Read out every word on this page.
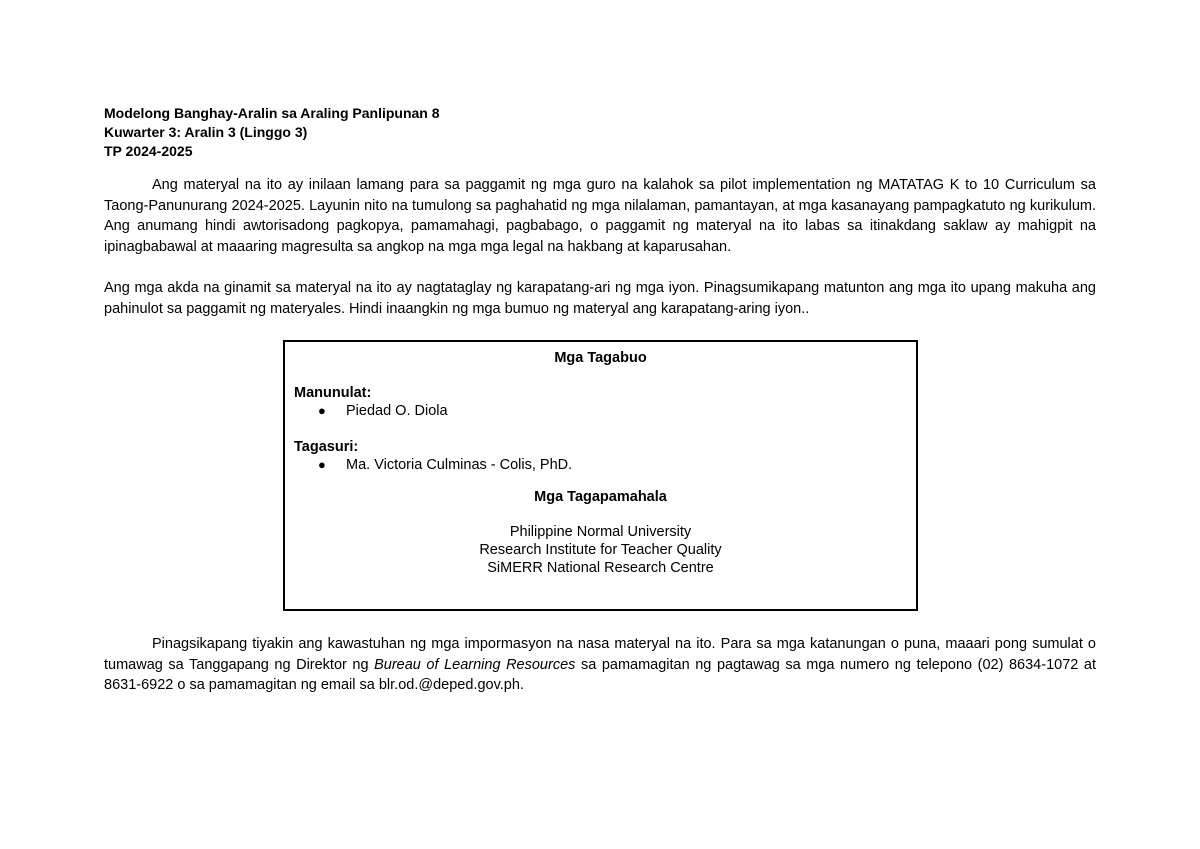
Modelong Banghay-Aralin sa Araling Panlipunan 8
Kuwarter 3: Aralin 3 (Linggo 3)
TP 2024-2025

Ang materyal na ito ay inilaan lamang para sa paggamit ng mga guro na kalahok sa pilot implementation ng MATATAG K to 10 Curriculum sa Taong-Panunurang 2024-2025. Layunin nito na tumulong sa paghahatid ng mga nilalaman, pamantayan, at mga kasanayang pampagkatuto ng kurikulum. Ang anumang hindi awtorisadong pagkopya, pamamahagi, pagbabago, o paggamit ng materyal na ito labas sa itinakdang saklaw ay mahigpit na ipinagbabawal at maaaring magresulta sa angkop na mga mga legal na hakbang at kaparusahan.

Ang mga akda na ginamit sa materyal na ito ay nagtataglay ng karapatang-ari ng mga iyon. Pinagsumikapang matunton ang mga ito upang makuha ang pahinulot sa paggamit ng materyales. Hindi inaangkin ng mga bumuo ng materyal ang karapatang-aring iyon..

Mga Tagabuo
Manunulat:
● Piedad O. Diola
Tagasuri:
● Ma. Victoria Culminas - Colis, PhD.
Mga Tagapamahala
Philippine Normal University
Research Institute for Teacher Quality
SiMERR National Research Centre

Pinagsikapang tiyakin ang kawastuhan ng mga impormasyon na nasa materyal na ito. Para sa mga katanungan o puna, maaari pong sumulat o tumawag sa Tanggapang ng Direktor ng Bureau of Learning Resources sa pamamagitan ng pagtawag sa mga numero ng telepono (02) 8634-1072 at 8631-6922 o sa pamamagitan ng email sa blr.od.@deped.gov.ph.
